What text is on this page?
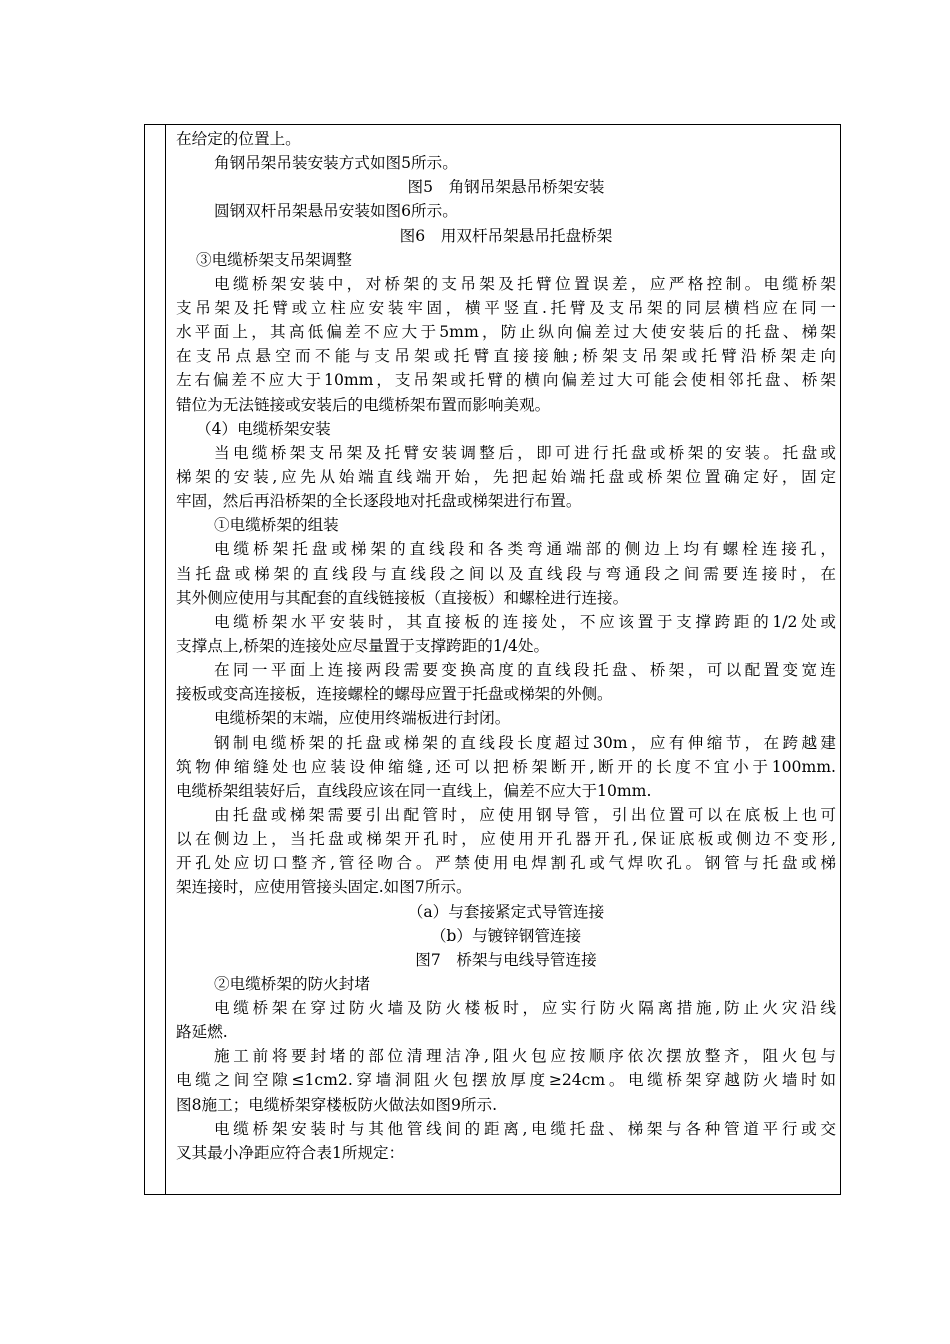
在给定的位置上。
角钢吊架吊装安装方式如图5所示。
图5　角钢吊架悬吊桥架安装
圆钢双杆吊架悬吊安装如图6所示。
图6　用双杆吊架悬吊托盘桥架
③电缆桥架支吊架调整
电缆桥架安装中，对桥架的支吊架及托臂位置误差，应严格控制。电缆桥架
支吊架及托臂或立柱应安装牢固，横平竖直.托臂及支吊架的同层横档应在同一
水平面上，其高低偏差不应大于5mm，防止纵向偏差过大使安装后的托盘、梯架
在支吊点悬空而不能与支吊架或托臂直接接触;桥架支吊架或托臂沿桥架走向
左右偏差不应大于10mm，支吊架或托臂的横向偏差过大可能会使相邻托盘、桥架
错位为无法链接或安装后的电缆桥架布置而影响美观。
（4）电缆桥架安装
当电缆桥架支吊架及托臂安装调整后，即可进行托盘或桥架的安装。托盘或
梯架的安装,应先从始端直线端开始，先把起始端托盘或桥架位置确定好，固定
牢固，然后再沿桥架的全长逐段地对托盘或梯架进行布置。
①电缆桥架的组装
电缆桥架托盘或梯架的直线段和各类弯通端部的侧边上均有螺栓连接孔，
当托盘或梯架的直线段与直线段之间以及直线段与弯通段之间需要连接时，在
其外侧应使用与其配套的直线链接板（直接板）和螺栓进行连接。
电缆桥架水平安装时，其直接板的连接处，不应该置于支撑跨距的1/2处或
支撑点上,桥架的连接处应尽量置于支撑跨距的1/4处。
在同一平面上连接两段需要变换高度的直线段托盘、桥架，可以配置变宽连
接板或变高连接板，连接螺栓的螺母应置于托盘或梯架的外侧。
电缆桥架的末端，应使用终端板进行封闭。
钢制电缆桥架的托盘或梯架的直线段长度超过30m，应有伸缩节，在跨越建
筑物伸缩缝处也应装设伸缩缝,还可以把桥架断开,断开的长度不宜小于100mm.
电缆桥架组装好后，直线段应该在同一直线上，偏差不应大于10mm.
由托盘或梯架需要引出配管时，应使用钢导管，引出位置可以在底板上也可
以在侧边上，当托盘或梯架开孔时，应使用开孔器开孔,保证底板或侧边不变形,
开孔处应切口整齐,管径吻合。严禁使用电焊割孔或气焊吹孔。钢管与托盘或梯
架连接时，应使用管接头固定.如图7所示。
（a）与套接紧定式导管连接
（b）与镀锌钢管连接
图7　桥架与电线导管连接
②电缆桥架的防火封堵
电缆桥架在穿过防火墙及防火楼板时，应实行防火隔离措施,防止火灾沿线
路延燃.
施工前将要封堵的部位清理洁净,阻火包应按顺序依次摆放整齐，阻火包与
电缆之间空隙≤1cm2.穿墙洞阻火包摆放厚度≥24cm。电缆桥架穿越防火墙时如
图8施工；电缆桥架穿楼板防火做法如图9所示.
电缆桥架安装时与其他管线间的距离,电缆托盘、梯架与各种管道平行或交
叉其最小净距应符合表1所规定：
